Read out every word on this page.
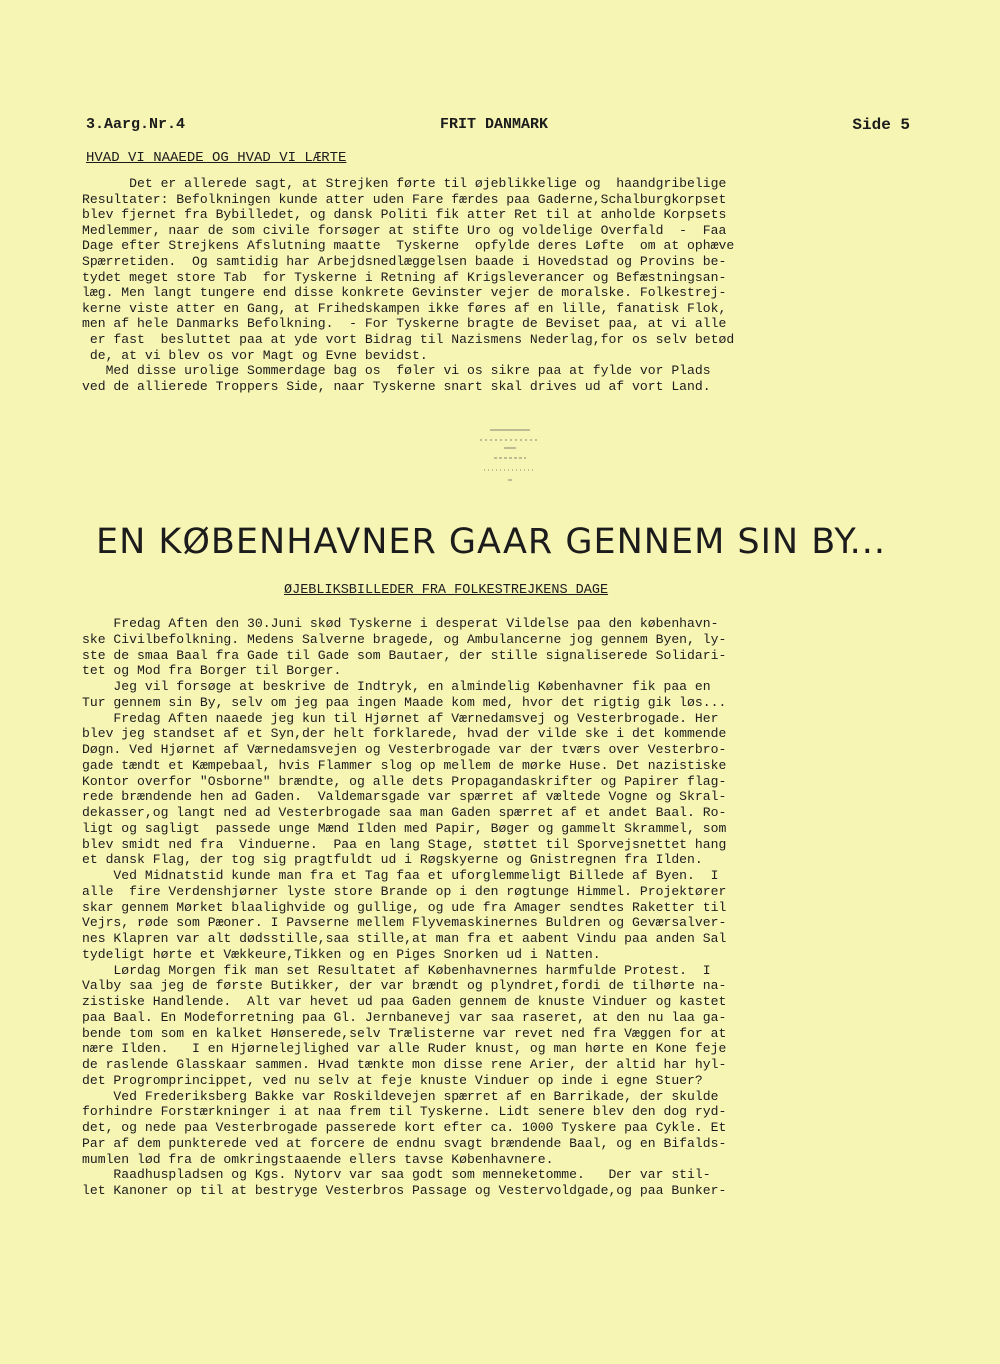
3.Aarg.Nr.4	FRIT DANMARK	Side 5
HVAD VI NAAEDE OG HVAD VI LÆRTE
Det er allerede sagt, at Strejken førte til øjeblikkelige og  haandgribelige
Resultater: Befolkningen kunde atter uden Fare færdes paa Gaderne,Schalburgkorpset
blev fjernet fra Bybilledet, og dansk Politi fik atter Ret til at anholde Korpsets
Medlemmer, naar de som civile forsøger at stifte Uro og voldelige Overfald  -  Faa
Dage efter Strejkens Afslutning maatte  Tyskerne  opfylde deres Løfte  om at ophæve
Spærretiden.  Og samtidig har Arbejdsnedlæggelsen baade i Hovedstad og Provins be-
tydet meget store Tab  for Tyskerne i Retning af Krigsleverancer og Befæstningsan-
læg. Men langt tungere end disse konkrete Gevinster vejer de moralske. Folkestrej-
kerne viste atter en Gang, at Frihedskampen ikke føres af en lille, fanatisk Flok,
men af hele Danmarks Befolkning.  - For Tyskerne bragte de Beviset paa, at vi alle
er fast  besluttet paa at yde vort Bidrag til Nazismens Nederlag,for os selv betød
de, at vi blev os vor Magt og Evne bevidst.
Med disse urolige Sommerdage bag os  føler vi os sikre paa at fylde vor Plads
ved de allierede Troppers Side, naar Tyskerne snart skal drives ud af vort Land.
EN KØBENHAVNER GAAR GENNEM SIN BY...
ØJEBLIKSBILLEDER FRA FOLKESTREJKENS DAGE
Fredag Aften den 30.Juni skød Tyskerne i desperat Vildelse paa den københavn-
ske Civilbefolkning. Medens Salverne bragede, og Ambulancerne jog gennem Byen, ly-
ste de smaa Baal fra Gade til Gade som Bautaer, der stille signaliserede Solidari-
tet og Mod fra Borger til Borger.
Jeg vil forsøge at beskrive de Indtryk, en almindelig Københavner fik paa en
Tur gennem sin By, selv om jeg paa ingen Maade kom med, hvor det rigtig gik løs...
Fredag Aften naaede jeg kun til Hjørnet af Værnedamsvej og Vesterbrogade. Her
blev jeg standset af et Syn,der helt forklarede, hvad der vilde ske i det kommende
Døgn. Ved Hjørnet af Værnedamsvejen og Vesterbrogade var der tværs over Vesterbro-
gade tændt et Kæmpebaal, hvis Flammer slog op mellem de mørke Huse. Det nazistiske
Kontor overfor "Osborne" brændte, og alle dets Propagandaskrifter og Papirer flag-
rede brændende hen ad Gaden.  Valdemarsgade var spærret af væltede Vogne og Skral-
dekasser,og langt ned ad Vesterbrogade saa man Gaden spærret af et andet Baal. Ro-
ligt og sagligt  passede unge Mænd Ilden med Papir, Bøger og gammelt Skrammel, som
blev smidt ned fra  Vinduerne.  Paa en lang Stage, støttet til Sporvejsnettet hang
et dansk Flag, der tog sig pragtfuldt ud i Røgskyerne og Gnistregnen fra Ilden.
Ved Midnatstid kunde man fra et Tag faa et uforglemmeligt Billede af Byen.  I
alle  fire Verdenshjørner lyste store Brande op i den røgtunge Himmel. Projektører
skar gennem Mørket blaalighvide og gullige, og ude fra Amager sendtes Raketter til
Vejrs, røde som Pæoner. I Pavserne mellem Flyvemaskinernes Buldren og Geværsalver-
nes Klapren var alt dødsstille,saa stille,at man fra et aabent Vindu paa anden Sal
tydeligt hørte et Vækkeure,Tikken og en Piges Snorken ud i Natten.
Lørdag Morgen fik man set Resultatet af Københavnernes harmfulde Protest.  I
Valby saa jeg de første Butikker, der var brændt og plyndret,fordi de tilhørte na-
zistiske Handlende.  Alt var hevet ud paa Gaden gennem de knuste Vinduer og kastet
paa Baal. En Modeforretning paa Gl. Jernbanevej var saa raseret, at den nu laa ga-
bende tom som en kalket Hønserede,selv Trælisterne var revet ned fra Væggen for at
nære Ilden.   I en Hjørnelejlighed var alle Ruder knust, og man hørte en Kone feje
de raslende Glasskaar sammen. Hvad tænkte mon disse rene Arier, der altid har hyl-
det Progromprincippet, ved nu selv at feje knuste Vinduer op inde i egne Stuer?
Ved Frederiksberg Bakke var Roskildevejen spærret af en Barrikade, der skulde
forhindre Forstærkninger i at naa frem til Tyskerne. Lidt senere blev den dog ryd-
det, og nede paa Vesterbrogade passerede kort efter ca. 1000 Tyskere paa Cykle. Et
Par af dem punkterede ved at forcere de endnu svagt brændende Baal, og en Bifalds-
mumlen lød fra de omkringstaaende ellers tavse Københavnere.
Raadhuspladsen og Kgs. Nytorv var saa godt som menneketomme.   Der var stil-
let Kanoner op til at bestryge Vesterbros Passage og Vestervoldgade,og paa Bunker-
